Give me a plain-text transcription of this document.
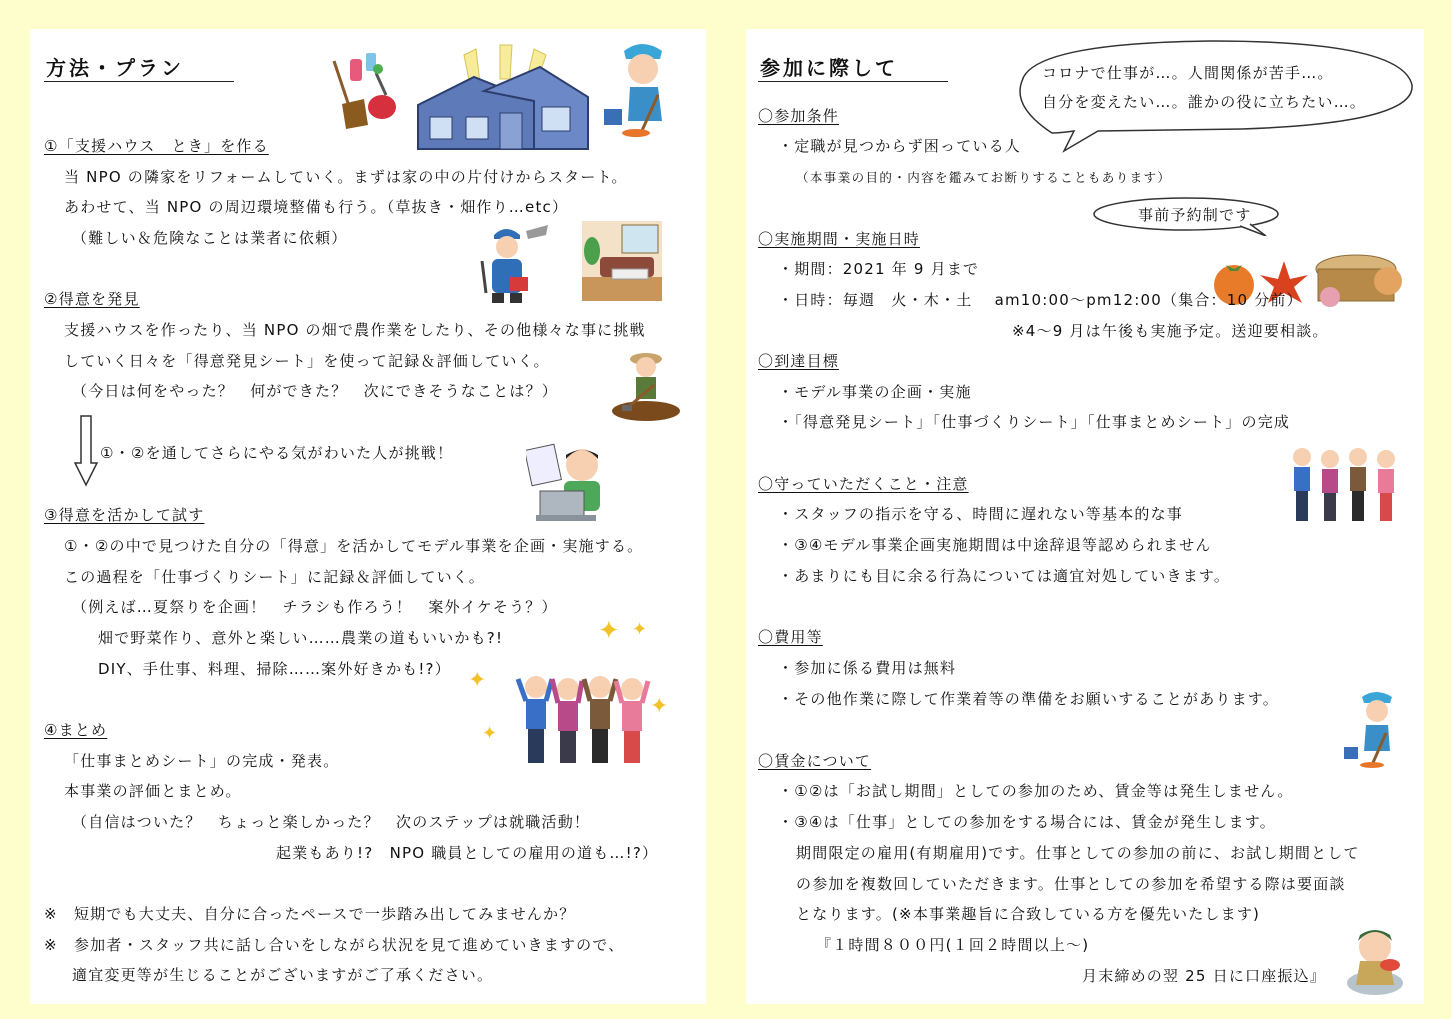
方法・プラン
①「支援ハウス　とき」を作る
当 NPO の隣家をリフォームしていく。まずは家の中の片付けからスタート。
あわせて、当 NPO の周辺環境整備も行う。（草抜き・畑作り…etc）
（難しい＆危険なことは業者に依頼）
②得意を発見
支援ハウスを作ったり、当 NPO の畑で農作業をしたり、その他様々な事に挑戦
していく日々を「得意発見シート」を使って記録＆評価していく。
（今日は何をやった？　何ができた？　次にできそうなことは？）
①・②を通してさらにやる気がわいた人が挑戦！
③得意を活かして試す
①・②の中で見つけた自分の「得意」を活かしてモデル事業を企画・実施する。
この過程を「仕事づくりシート」に記録＆評価していく。
（例えば…夏祭りを企画！　チラシも作ろう！　案外イケそう？）
畑で野菜作り、意外と楽しい……農業の道もいいかも?!
DIY、手仕事、料理、掃除……案外好きかも!?）
④まとめ
「仕事まとめシート」の完成・発表。
本事業の評価とまとめ。
（自信はついた？　ちょっと楽しかった？　次のステップは就職活動！
起業もあり!?　NPO 職員としての雇用の道も…!?）
※　短期でも大丈夫、自分に合ったペースで一歩踏み出してみませんか？
※　参加者・スタッフ共に話し合いをしながら状況を見て進めていきますので、
適宜変更等が生じることがございますがご了承ください。
✦ ✦
✦
✦
✦
参加に際して	コロナで仕事が…。人間関係が苦手…。
自分を変えたい…。誰かの役に立ちたい…。
〇参加条件
・定職が見つからず困っている人
（本事業の目的・内容を鑑みてお断りすることもあります）
事前予約制です
〇実施期間・実施日時
・期間：2021 年 9 月まで
・日時：毎週　火・木・土　 am10:00～pm12:00（集合：10 分前）
※4～9 月は午後も実施予定。送迎要相談。
〇到達目標
・モデル事業の企画・実施
・「得意発見シート」「仕事づくりシート」「仕事まとめシート」の完成
〇守っていただくこと・注意
・スタッフの指示を守る、時間に遅れない等基本的な事
・③④モデル事業企画実施期間は中途辞退等認められません
・あまりにも目に余る行為については適宜対処していきます。
〇費用等
・参加に係る費用は無料
・その他作業に際して作業着等の準備をお願いすることがあります。
〇賃金について
・①②は「お試し期間」としての参加のため、賃金等は発生しません。
・③④は「仕事」としての参加をする場合には、賃金が発生します。
期間限定の雇用(有期雇用)です。仕事としての参加の前に、お試し期間として
の参加を複数回していただきます。仕事としての参加を希望する際は要面談
となります。(※本事業趣旨に合致している方を優先いたします)
『１時間８００円(１回２時間以上～)
月末締めの翌 25 日に口座振込』
